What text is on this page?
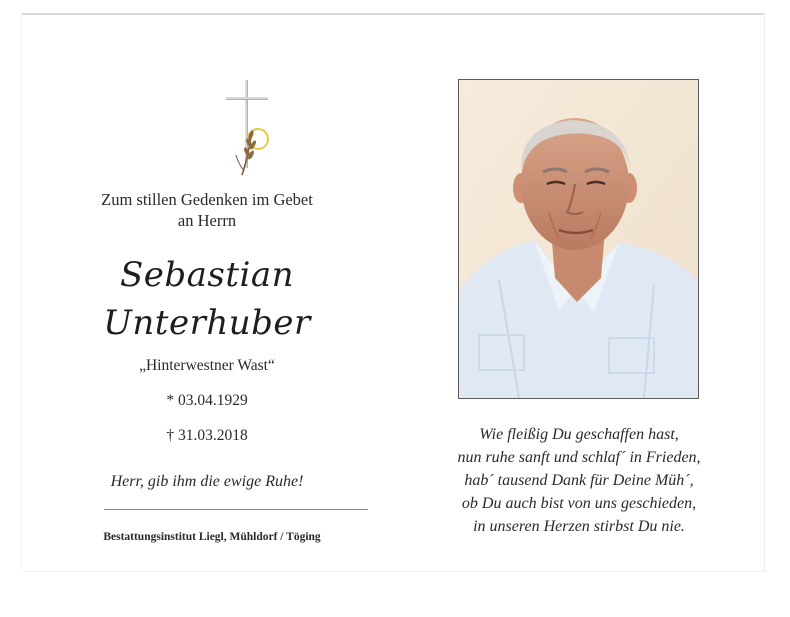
Zum stillen Gedenken im Gebet
an Herrn
Sebastian
Unterhuber
„Hinterwestner Wast“
* 03.04.1929
† 31.03.2018
Herr, gib ihm die ewige Ruhe!
Bestattungsinstitut Liegl, Mühldorf / Töging
Wie fleißig Du geschaffen hast,
nun ruhe sanft und schlaf´ in Frieden,
hab´ tausend Dank für Deine Müh´,
ob Du auch bist von uns geschieden,
in unseren Herzen stirbst Du nie.
